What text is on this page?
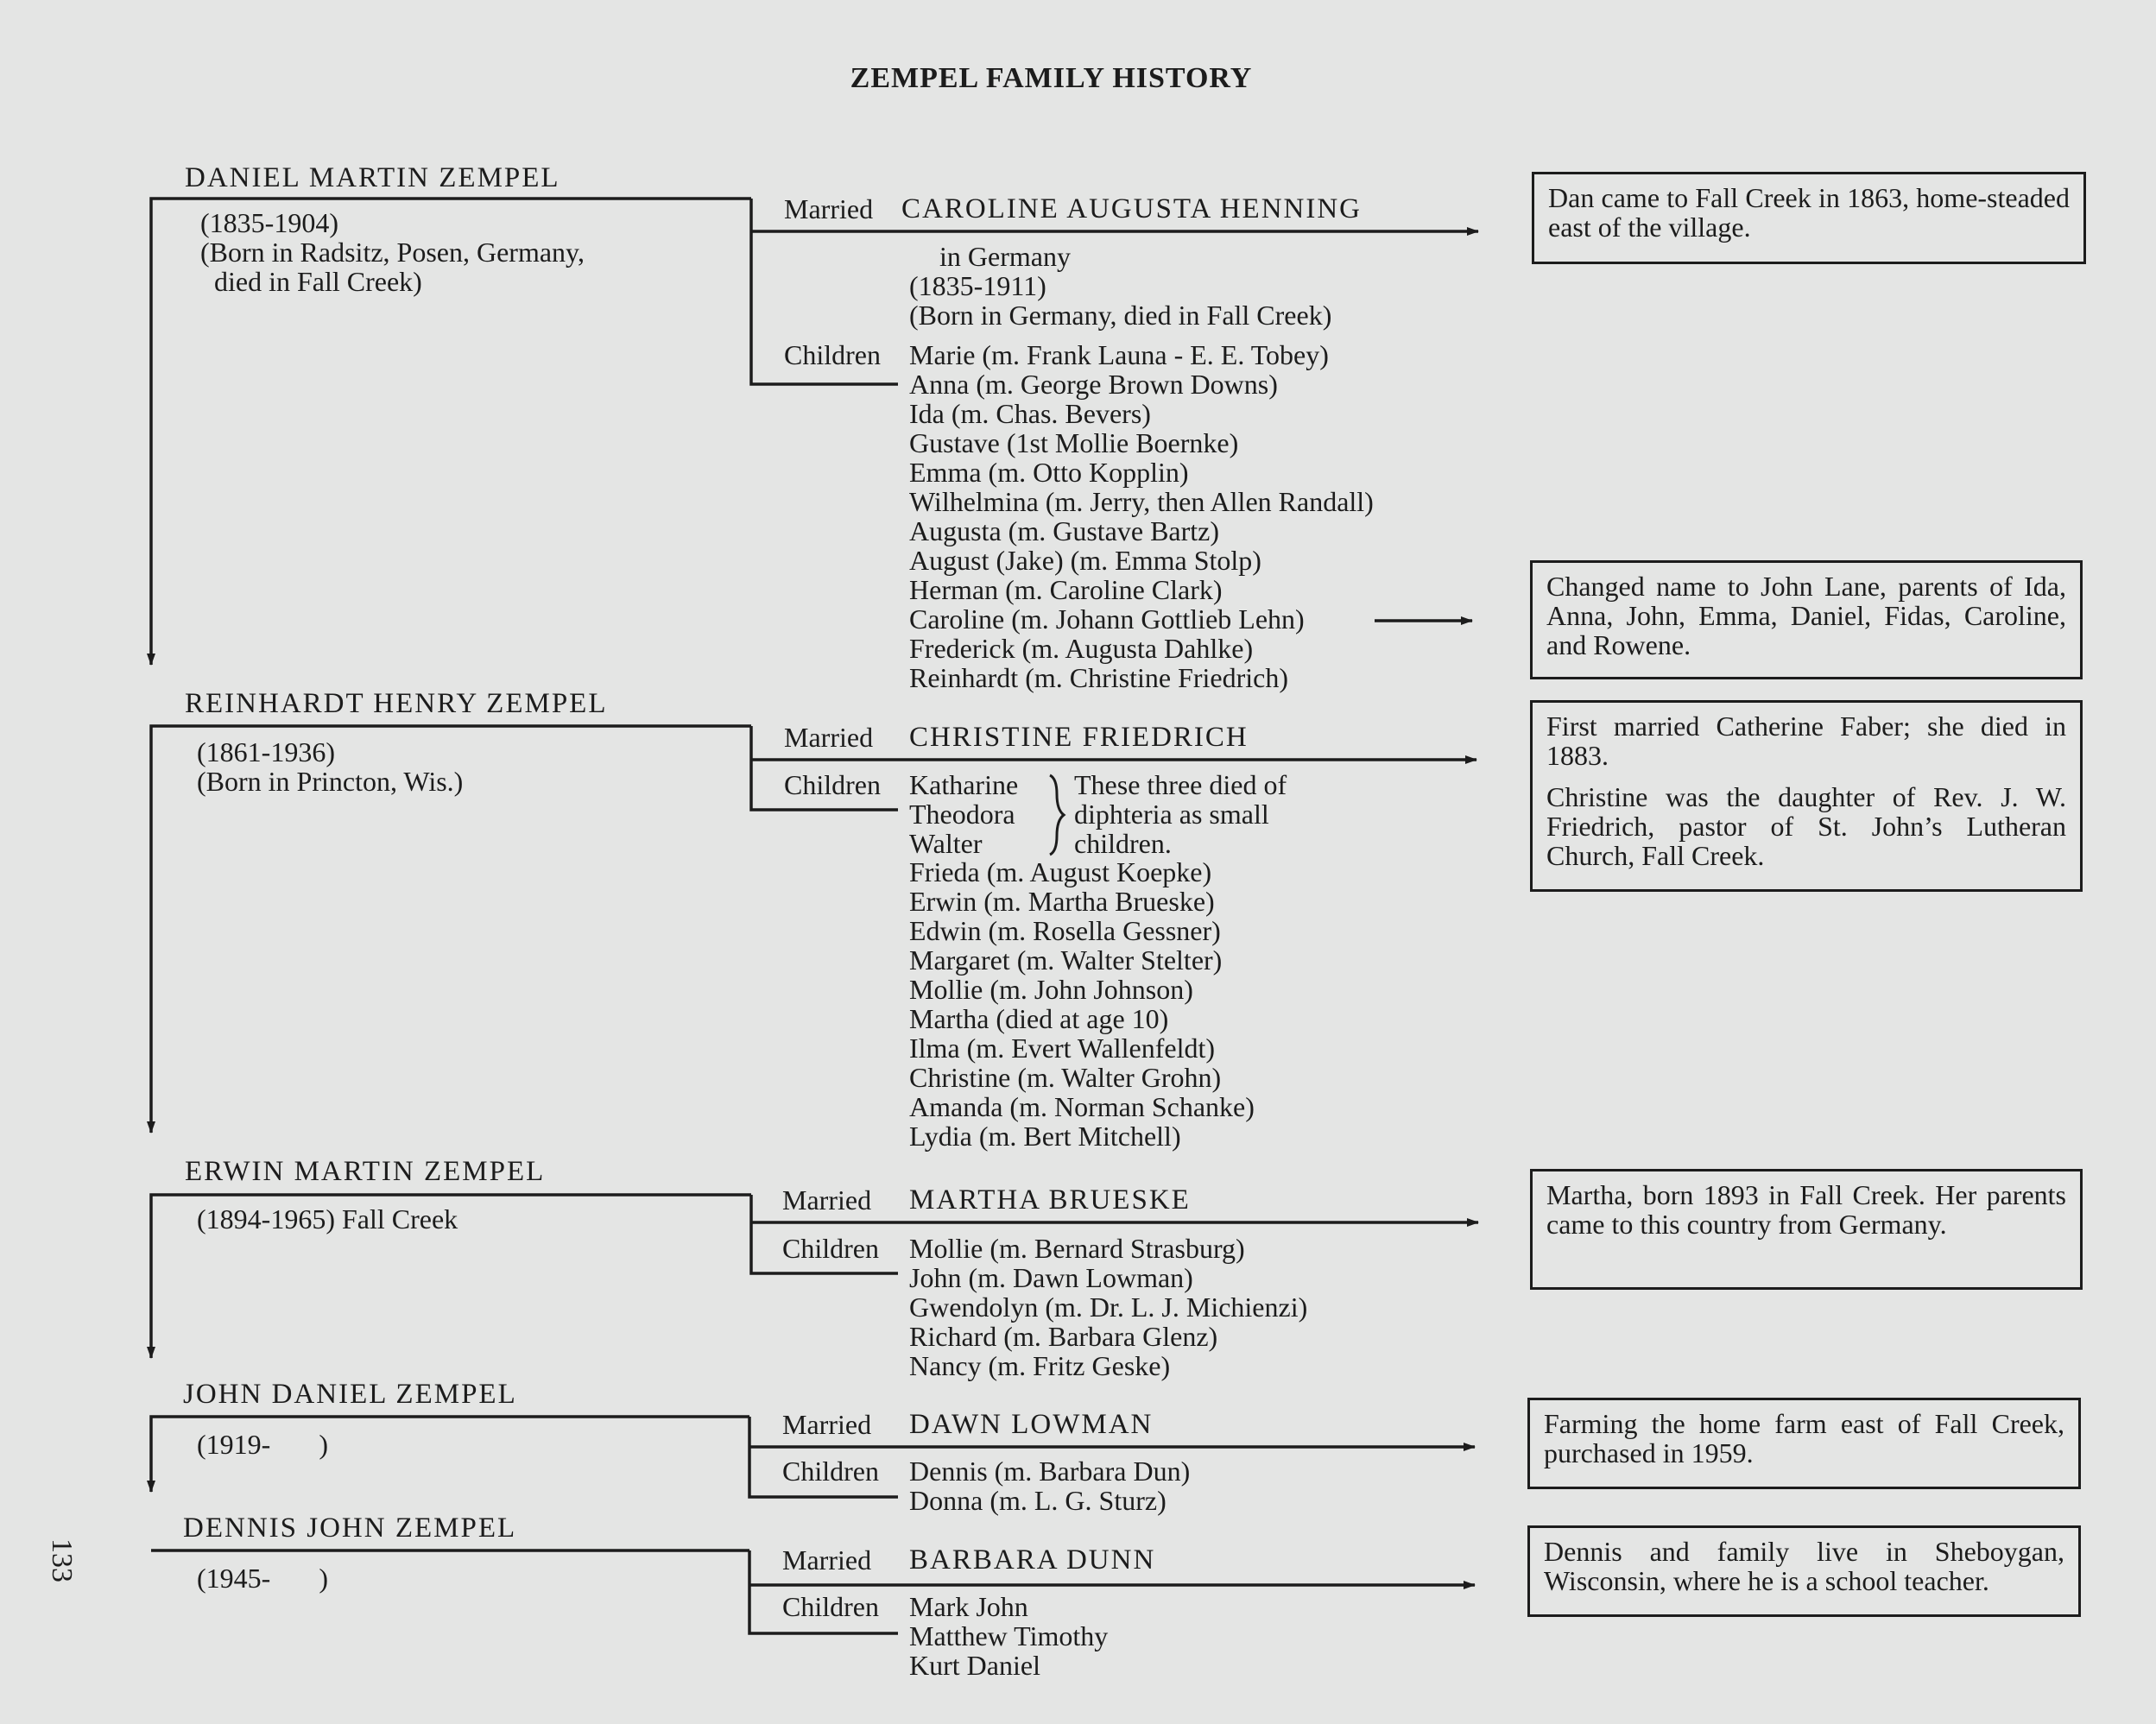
ZEMPEL FAMILY HISTORY
DANIEL MARTIN ZEMPEL
(1835-1904)
(Born in Radsitz, Posen, Germany,
died in Fall Creek)
Married CAROLINE AUGUSTA HENNING
in Germany
(1835-1911)
(Born in Germany, died in Fall Creek)
Children Marie (m. Frank Launa - E. E. Tobey)
Anna (m. George Brown Downs)
Ida (m. Chas. Bevers)
Gustave (1st Mollie Boernke)
Emma (m. Otto Kopplin)
Wilhelmina (m. Jerry, then Allen Randall)
Augusta (m. Gustave Bartz)
August (Jake) (m. Emma Stolp)
Herman (m. Caroline Clark)
Caroline (m. Johann Gottlieb Lehn)
Frederick (m. Augusta Dahlke)
Reinhardt (m. Christine Friedrich)

Dan came to Fall Creek in 1863, home-steaded east of the village.

Changed name to John Lane, parents of Ida, Anna, John, Emma, Daniel, Fidas, Caroline, and Rowene.

REINHARDT HENRY ZEMPEL
(1861-1936)
(Born in Princton, Wis.)
Married CHRISTINE FRIEDRICH
Children Katharine
Theodora
Walter
These three died of
diphteria as small
children.
Frieda (m. August Koepke)
Erwin (m. Martha Brueske)
Edwin (m. Rosella Gessner)
Margaret (m. Walter Stelter)
Mollie (m. John Johnson)
Martha (died at age 10)
Ilma (m. Evert Wallenfeldt)
Christine (m. Walter Grohn)
Amanda (m. Norman Schanke)
Lydia (m. Bert Mitchell)

First married Catherine Faber; she died in 1883.

Christine was the daughter of Rev. J. W. Friedrich, pastor of St. John’s Lutheran Church, Fall Creek.

ERWIN MARTIN ZEMPEL
(1894-1965) Fall Creek
Married MARTHA BRUESKE
Children Mollie (m. Bernard Strasburg)
John (m. Dawn Lowman)
Gwendolyn (m. Dr. L. J. Michienzi)
Richard (m. Barbara Glenz)
Nancy (m. Fritz Geske)

Martha, born 1893 in Fall Creek. Her parents came to this country from Germany.

JOHN DANIEL ZEMPEL
(1919-       )
Married DAWN LOWMAN
Children Dennis (m. Barbara Dun)
Donna (m. L. G. Sturz)

Farming the home farm east of Fall Creek, purchased in 1959.

DENNIS JOHN ZEMPEL
(1945-       )
Married BARBARA DUNN
Children Mark John
Matthew Timothy
Kurt Daniel

Dennis and family live in Sheboygan, Wisconsin, where he is a school teacher.

133
